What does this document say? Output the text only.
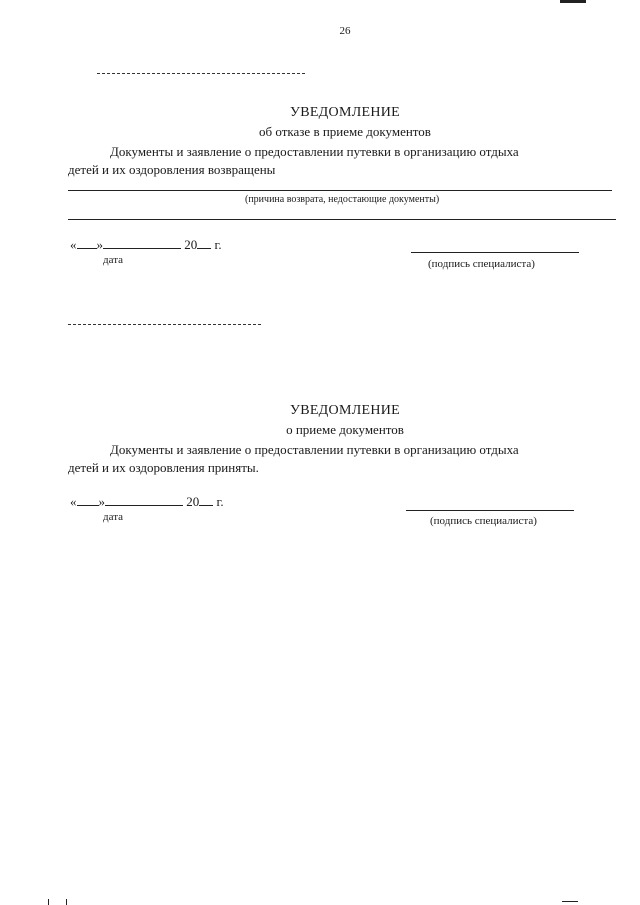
26
УВЕДОМЛЕНИЕ
об отказе в приеме документов
Документы и заявление о предоставлении путевки в организацию отдыха
детей и их оздоровления возвращены
(причина возврата, недостающие документы)
« »	20 г.
дата	(подпись специалиста)
УВЕДОМЛЕНИЕ
о приеме документов
Документы и заявление о предоставлении путевки в организацию отдыха
детей и их оздоровления приняты.
« »	20 г.
дата	(подпись специалиста)
